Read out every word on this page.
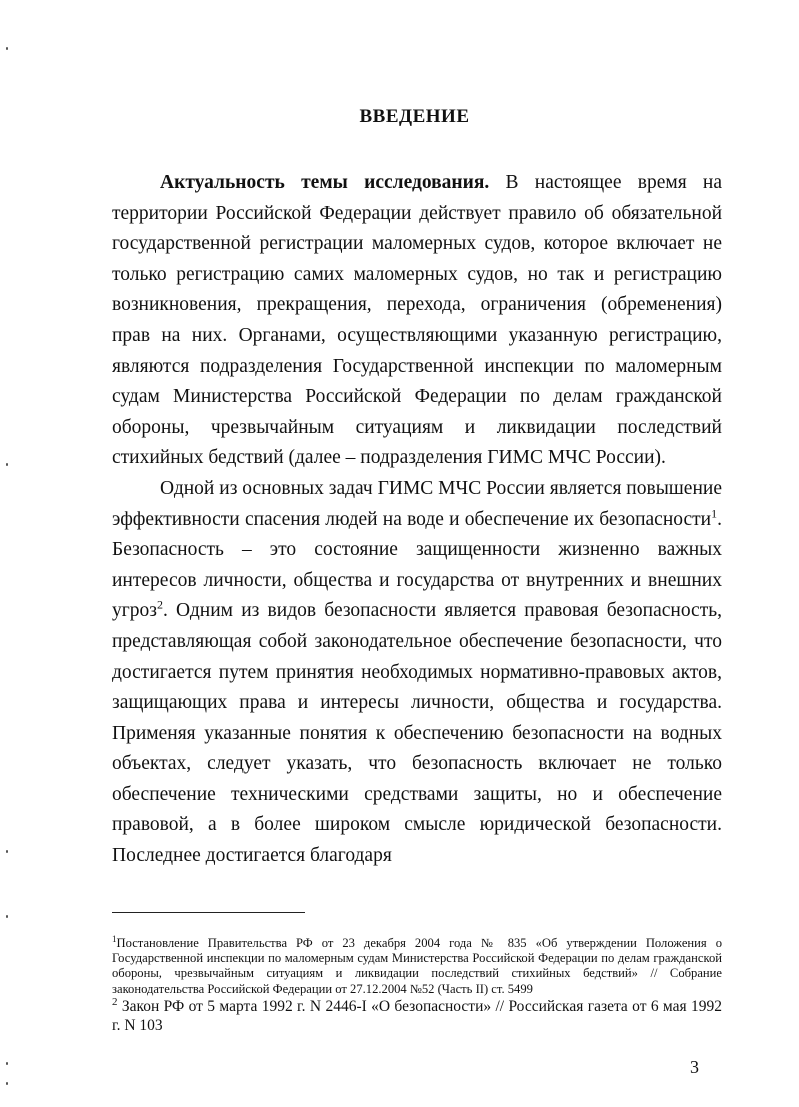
ВВЕДЕНИЕ

Актуальность темы исследования. В настоящее время на территории Российской Федерации действует правило об обязательной государственной регистрации маломерных судов, которое включает не только регистрацию самих маломерных судов, но так и регистрацию возникновения, прекращения, перехода, ограничения (обременения) прав на них. Органами, осуществляющими указанную регистрацию, являются подразделения Государственной инспекции по маломерным судам Министерства Российской Федерации по делам гражданской обороны, чрезвычайным ситуациям и ликвидации последствий стихийных бедствий (далее – подразделения ГИМС МЧС России).

Одной из основных задач ГИМС МЧС России является повышение эффективности спасения людей на воде и обеспечение их безопасности$^1$. Безопасность – это состояние защищенности жизненно важных интересов личности, общества и государства от внутренних и внешних угроз$^2$. Одним из видов безопасности является правовая безопасность, представляющая собой законодательное обеспечение безопасности, что достигается путем принятия необходимых нормативно-правовых актов, защищающих права и интересы личности, общества и государства. Применяя указанные понятия к обеспечению безопасности на водных объектах, следует указать, что безопасность включает не только обеспечение техническими средствами защиты, но и обеспечение правовой, а в более широком смысле юридической безопасности. Последнее достигается благодаря

$^1$Постановление Правительства РФ от 23 декабря 2004 года № 835 «Об утверждении Положения о Государственной инспекции по маломерным судам Министерства Российской Федерации по делам гражданской обороны, чрезвычайным ситуациям и ликвидации последствий стихийных бедствий» // Собрание законодательства Российской Федерации от 27.12.2004 №52 (Часть II) ст. 5499

$^2$ Закон РФ от 5 марта 1992 г. N 2446-I «О безопасности» // Российская газета от 6 мая 1992 г. N 103

3
